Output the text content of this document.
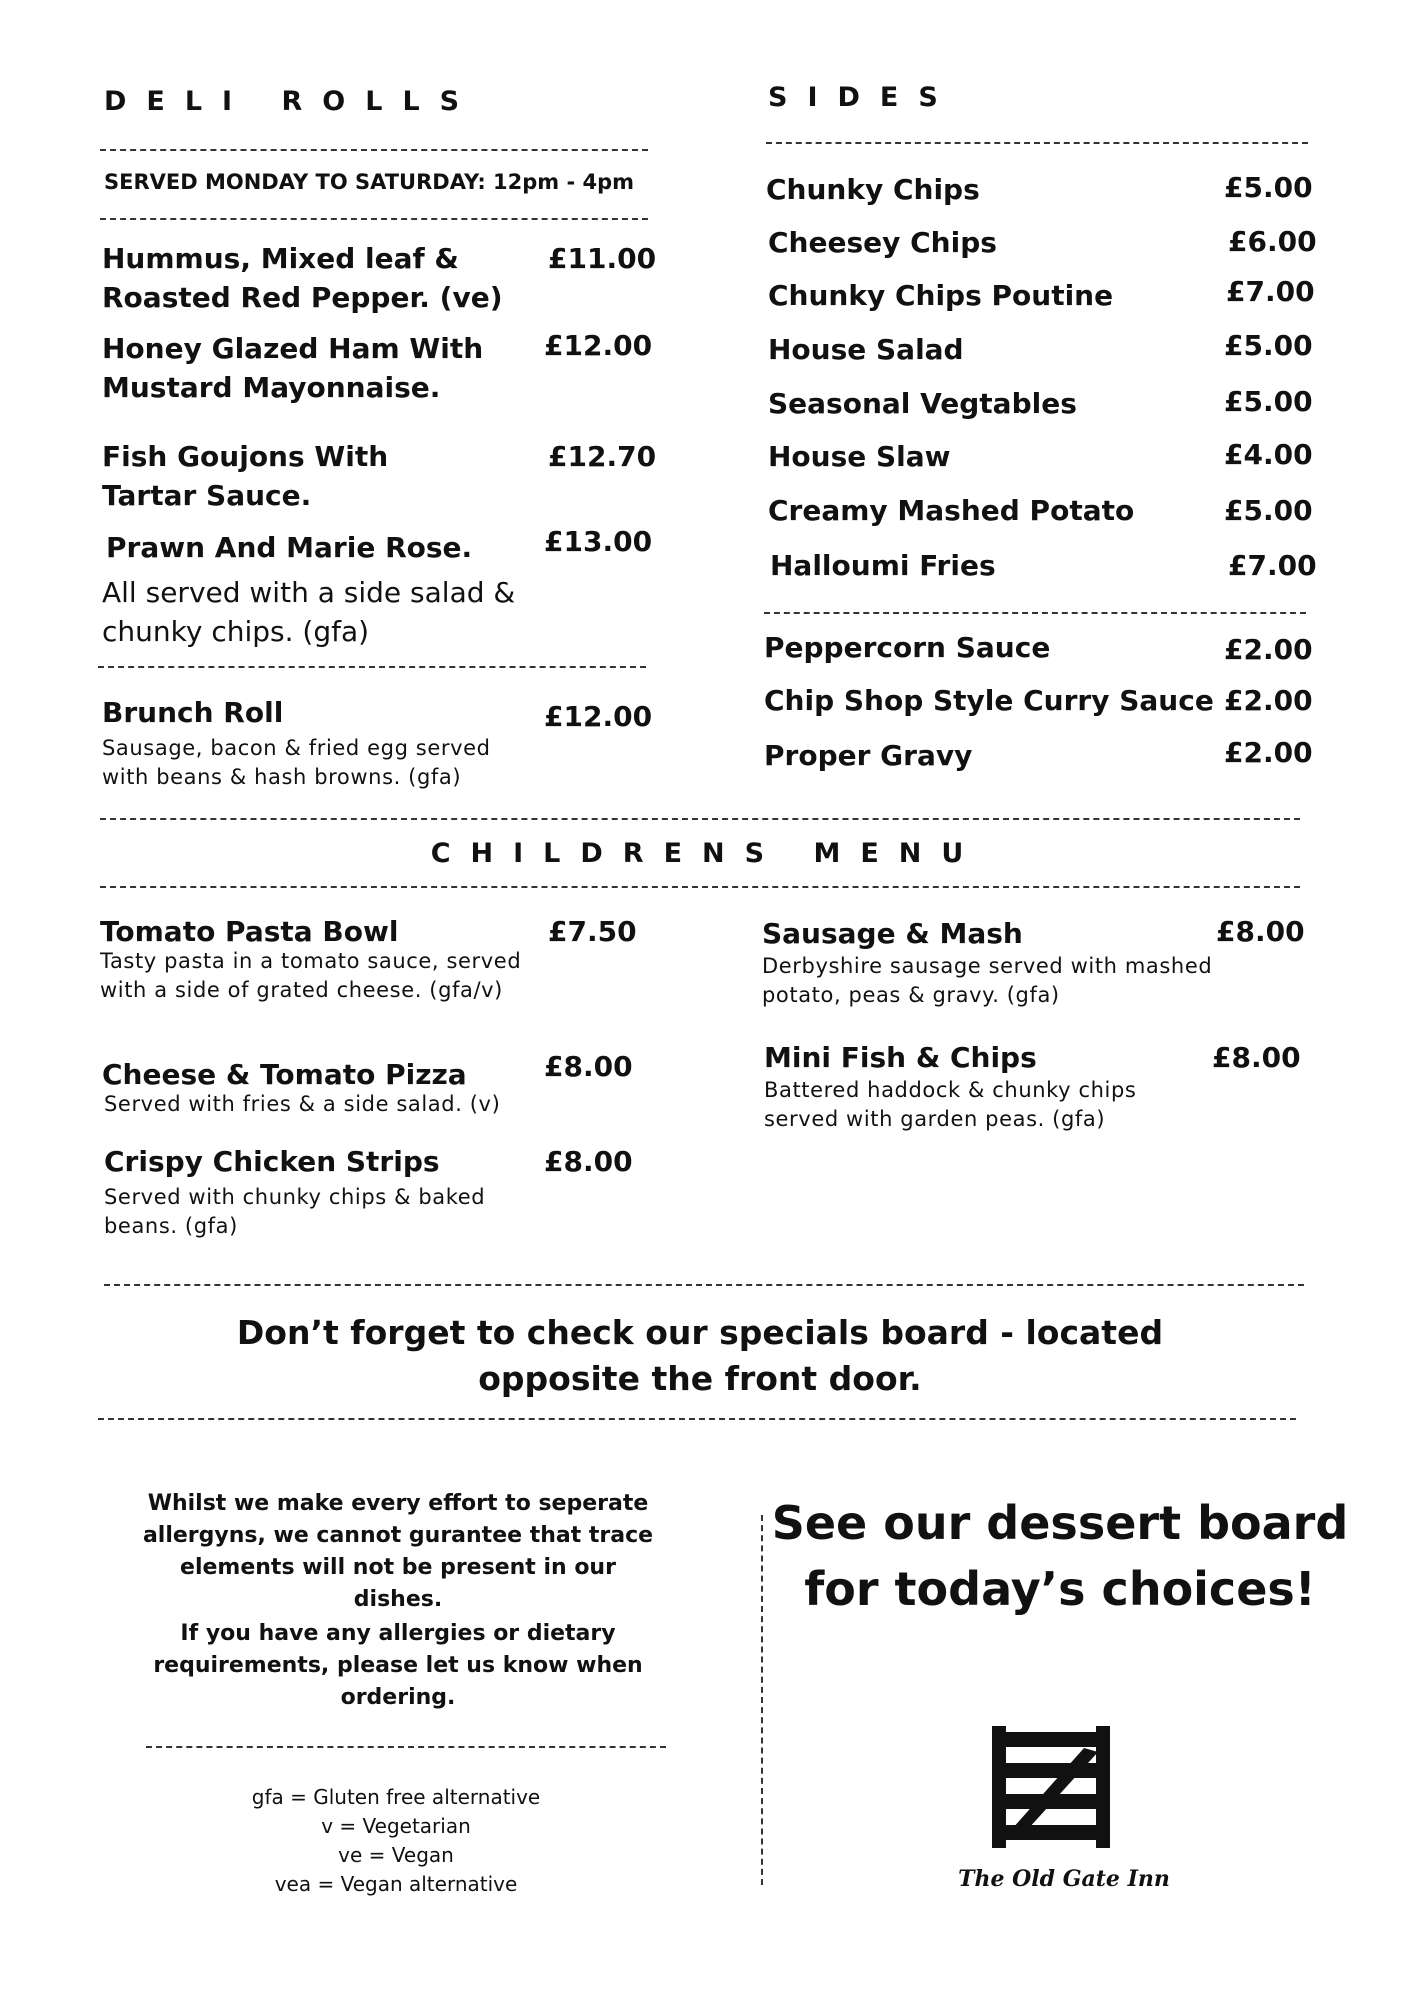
DELI ROLLS
SERVED MONDAY TO SATURDAY: 12pm - 4pm
Hummus, Mixed leaf & Roasted Red Pepper. (ve)
£11.00
Honey Glazed Ham With Mustard Mayonnaise.
£12.00
Fish Goujons With Tartar Sauce.
£12.70
Prawn And Marie Rose.	£13.00
All served with a side salad & chunky chips. (gfa)
Brunch Roll	£12.00
Sausage, bacon & fried egg served with beans & hash browns. (gfa)
SIDES
Chunky Chips	£5.00
Cheesey Chips	£6.00
Chunky Chips Poutine	£7.00
House Salad	£5.00
Seasonal Vegtables	£5.00
House Slaw	£4.00
Creamy Mashed Potato	£5.00
Halloumi Fries	£7.00
Peppercorn Sauce	£2.00
Chip Shop Style Curry Sauce £2.00
Proper Gravy	£2.00
CHILDRENS MENU
Tomato Pasta Bowl	£7.50
Tasty pasta in a tomato sauce, served with a side of grated cheese. (gfa/v)
Cheese & Tomato Pizza	£8.00
Served with fries & a side salad. (v)
Crispy Chicken Strips	£8.00
Served with chunky chips & baked beans. (gfa)
Sausage & Mash	£8.00
Derbyshire sausage served with mashed potato, peas & gravy. (gfa)
Mini Fish & Chips	£8.00
Battered haddock & chunky chips served with garden peas. (gfa)
Don’t forget to check our specials board - located opposite the front door.
Whilst we make every effort to seperate allergyns, we cannot gurantee that trace elements will not be present in our dishes.
If you have any allergies or dietary requirements, please let us know when ordering.
gfa = Gluten free alternative
v = Vegetarian
ve = Vegan
vea = Vegan alternative
See our dessert board for today’s choices!
The Old Gate Inn
